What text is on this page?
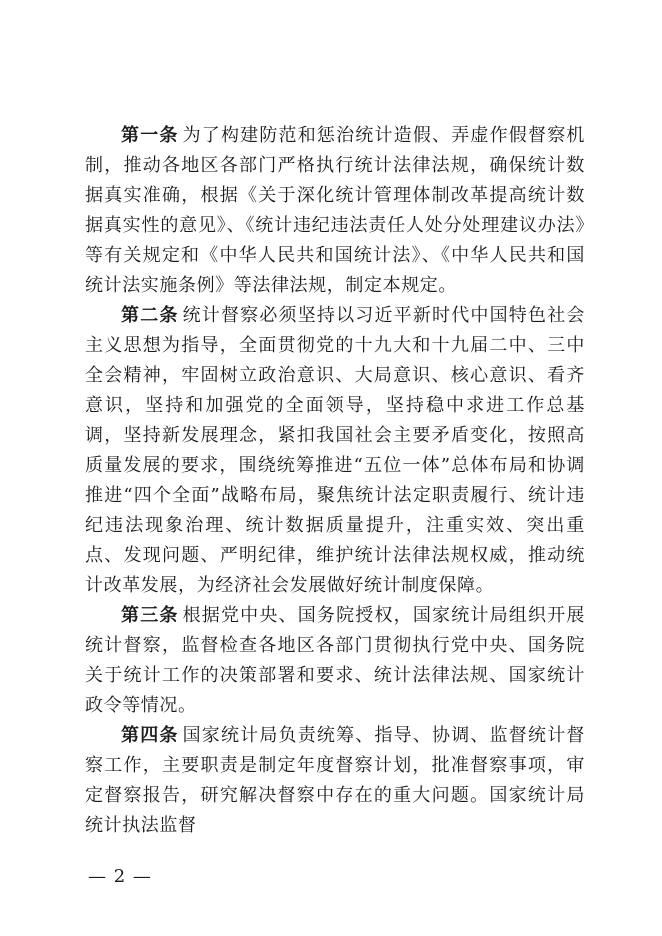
第一条 为了构建防范和惩治统计造假、弄虚作假督察机制，推动各地区各部门严格执行统计法律法规，确保统计数据真实准确，根据《关于深化统计管理体制改革提高统计数据真实性的意见》、《统计违纪违法责任人处分处理建议办法》等有关规定和《中华人民共和国统计法》、《中华人民共和国统计法实施条例》等法律法规，制定本规定。

第二条 统计督察必须坚持以习近平新时代中国特色社会主义思想为指导，全面贯彻党的十九大和十九届二中、三中全会精神，牢固树立政治意识、大局意识、核心意识、看齐意识，坚持和加强党的全面领导，坚持稳中求进工作总基调，坚持新发展理念，紧扣我国社会主要矛盾变化，按照高质量发展的要求，围绕统筹推进“五位一体”总体布局和协调推进“四个全面”战略布局，聚焦统计法定职责履行、统计违纪违法现象治理、统计数据质量提升，注重实效、突出重点、发现问题、严明纪律，维护统计法律法规权威，推动统计改革发展，为经济社会发展做好统计制度保障。

第三条 根据党中央、国务院授权，国家统计局组织开展统计督察，监督检查各地区各部门贯彻执行党中央、国务院关于统计工作的决策部署和要求、统计法律法规、国家统计政令等情况。

第四条 国家统计局负责统筹、指导、协调、监督统计督察工作，主要职责是制定年度督察计划，批准督察事项，审定督察报告，研究解决督察中存在的重大问题。国家统计局统计执法监督

— 2 —
